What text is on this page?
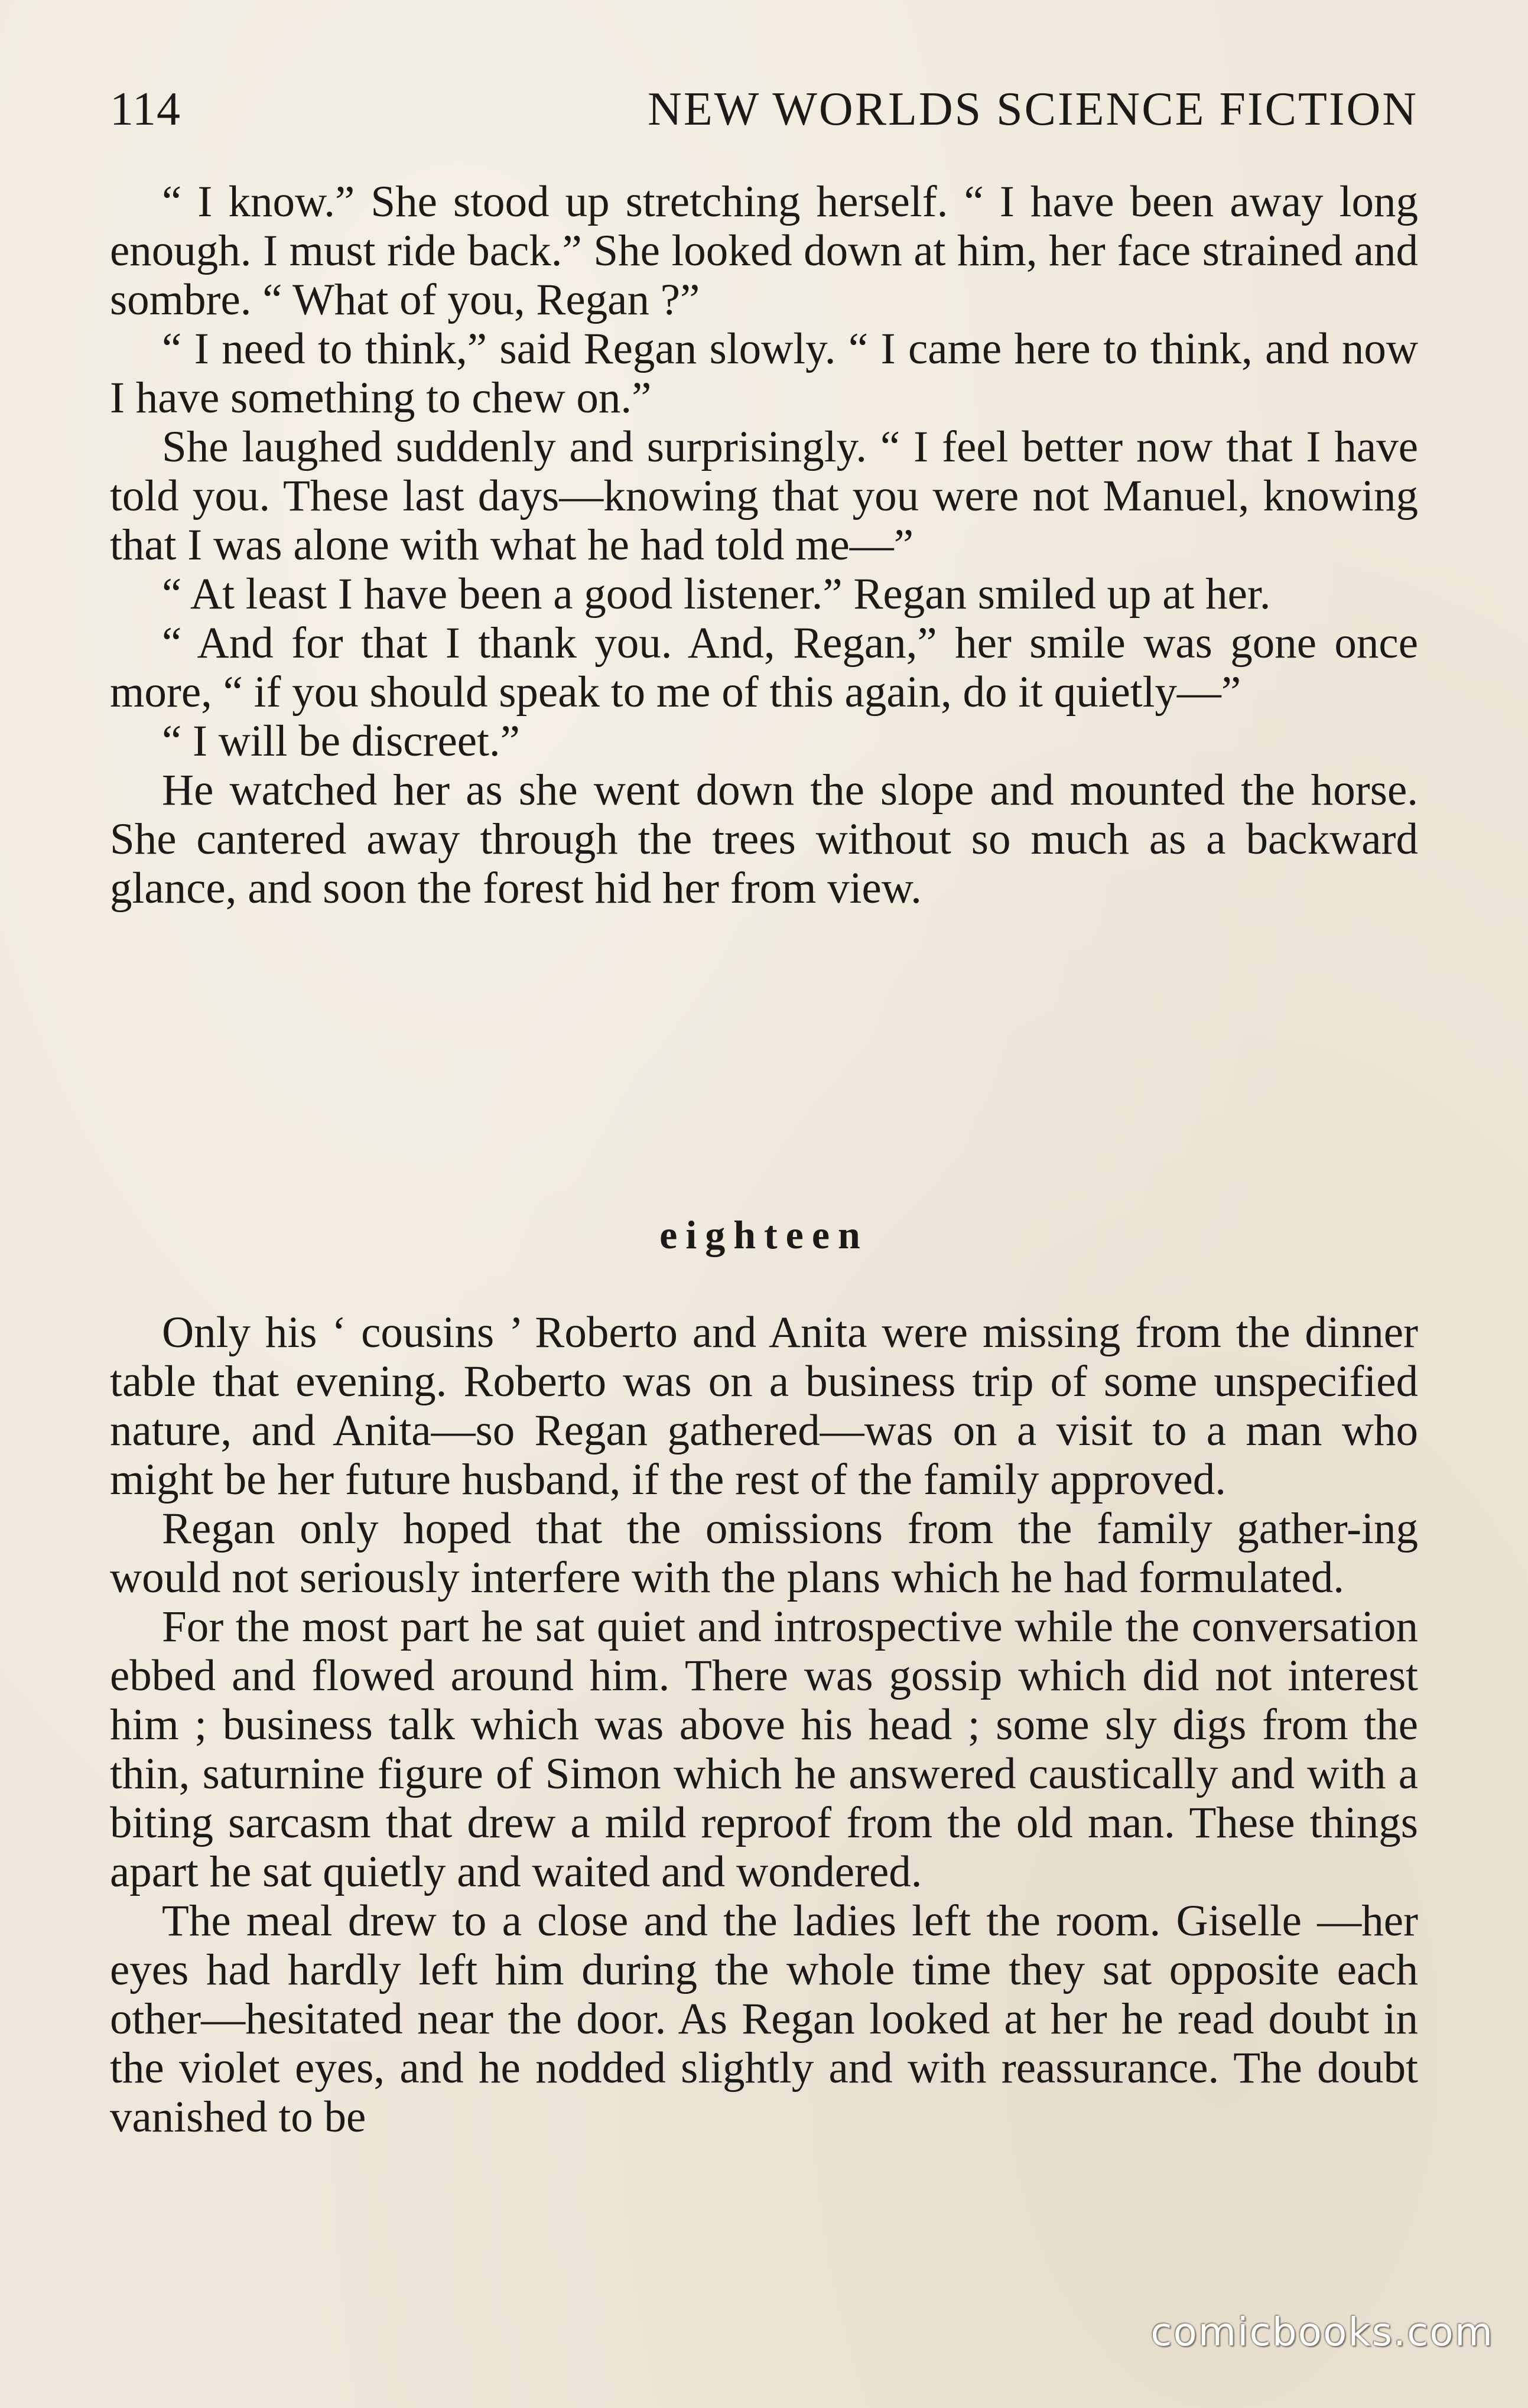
114	NEW WORLDS SCIENCE FICTION

“ I know.” She stood up stretching herself. “ I have been away long enough. I must ride back.” She looked down at him, her face strained and sombre. “ What of you, Regan ?”

“ I need to think,” said Regan slowly. “ I came here to think, and now I have something to chew on.”

She laughed suddenly and surprisingly. “ I feel better now that I have told you. These last days—knowing that you were not Manuel, knowing that I was alone with what he had told me—”

“ At least I have been a good listener.” Regan smiled up at her.

“ And for that I thank you. And, Regan,” her smile was gone once more, “ if you should speak to me of this again, do it quietly—”

“ I will be discreet.”

He watched her as she went down the slope and mounted the horse. She cantered away through the trees without so much as a backward glance, and soon the forest hid her from view.

eighteen

Only his ‘ cousins ’ Roberto and Anita were missing from the dinner table that evening. Roberto was on a business trip of some unspecified nature, and Anita—so Regan gathered—was on a visit to a man who might be her future husband, if the rest of the family approved.

Regan only hoped that the omissions from the family gather-ing would not seriously interfere with the plans which he had formulated.

For the most part he sat quiet and introspective while the conversation ebbed and flowed around him. There was gossip which did not interest him ; business talk which was above his head ; some sly digs from the thin, saturnine figure of Simon which he answered caustically and with a biting sarcasm that drew a mild reproof from the old man. These things apart he sat quietly and waited and wondered.

The meal drew to a close and the ladies left the room. Giselle —her eyes had hardly left him during the whole time they sat opposite each other—hesitated near the door. As Regan looked at her he read doubt in the violet eyes, and he nodded slightly and with reassurance. The doubt vanished to be

comicbooks.com
